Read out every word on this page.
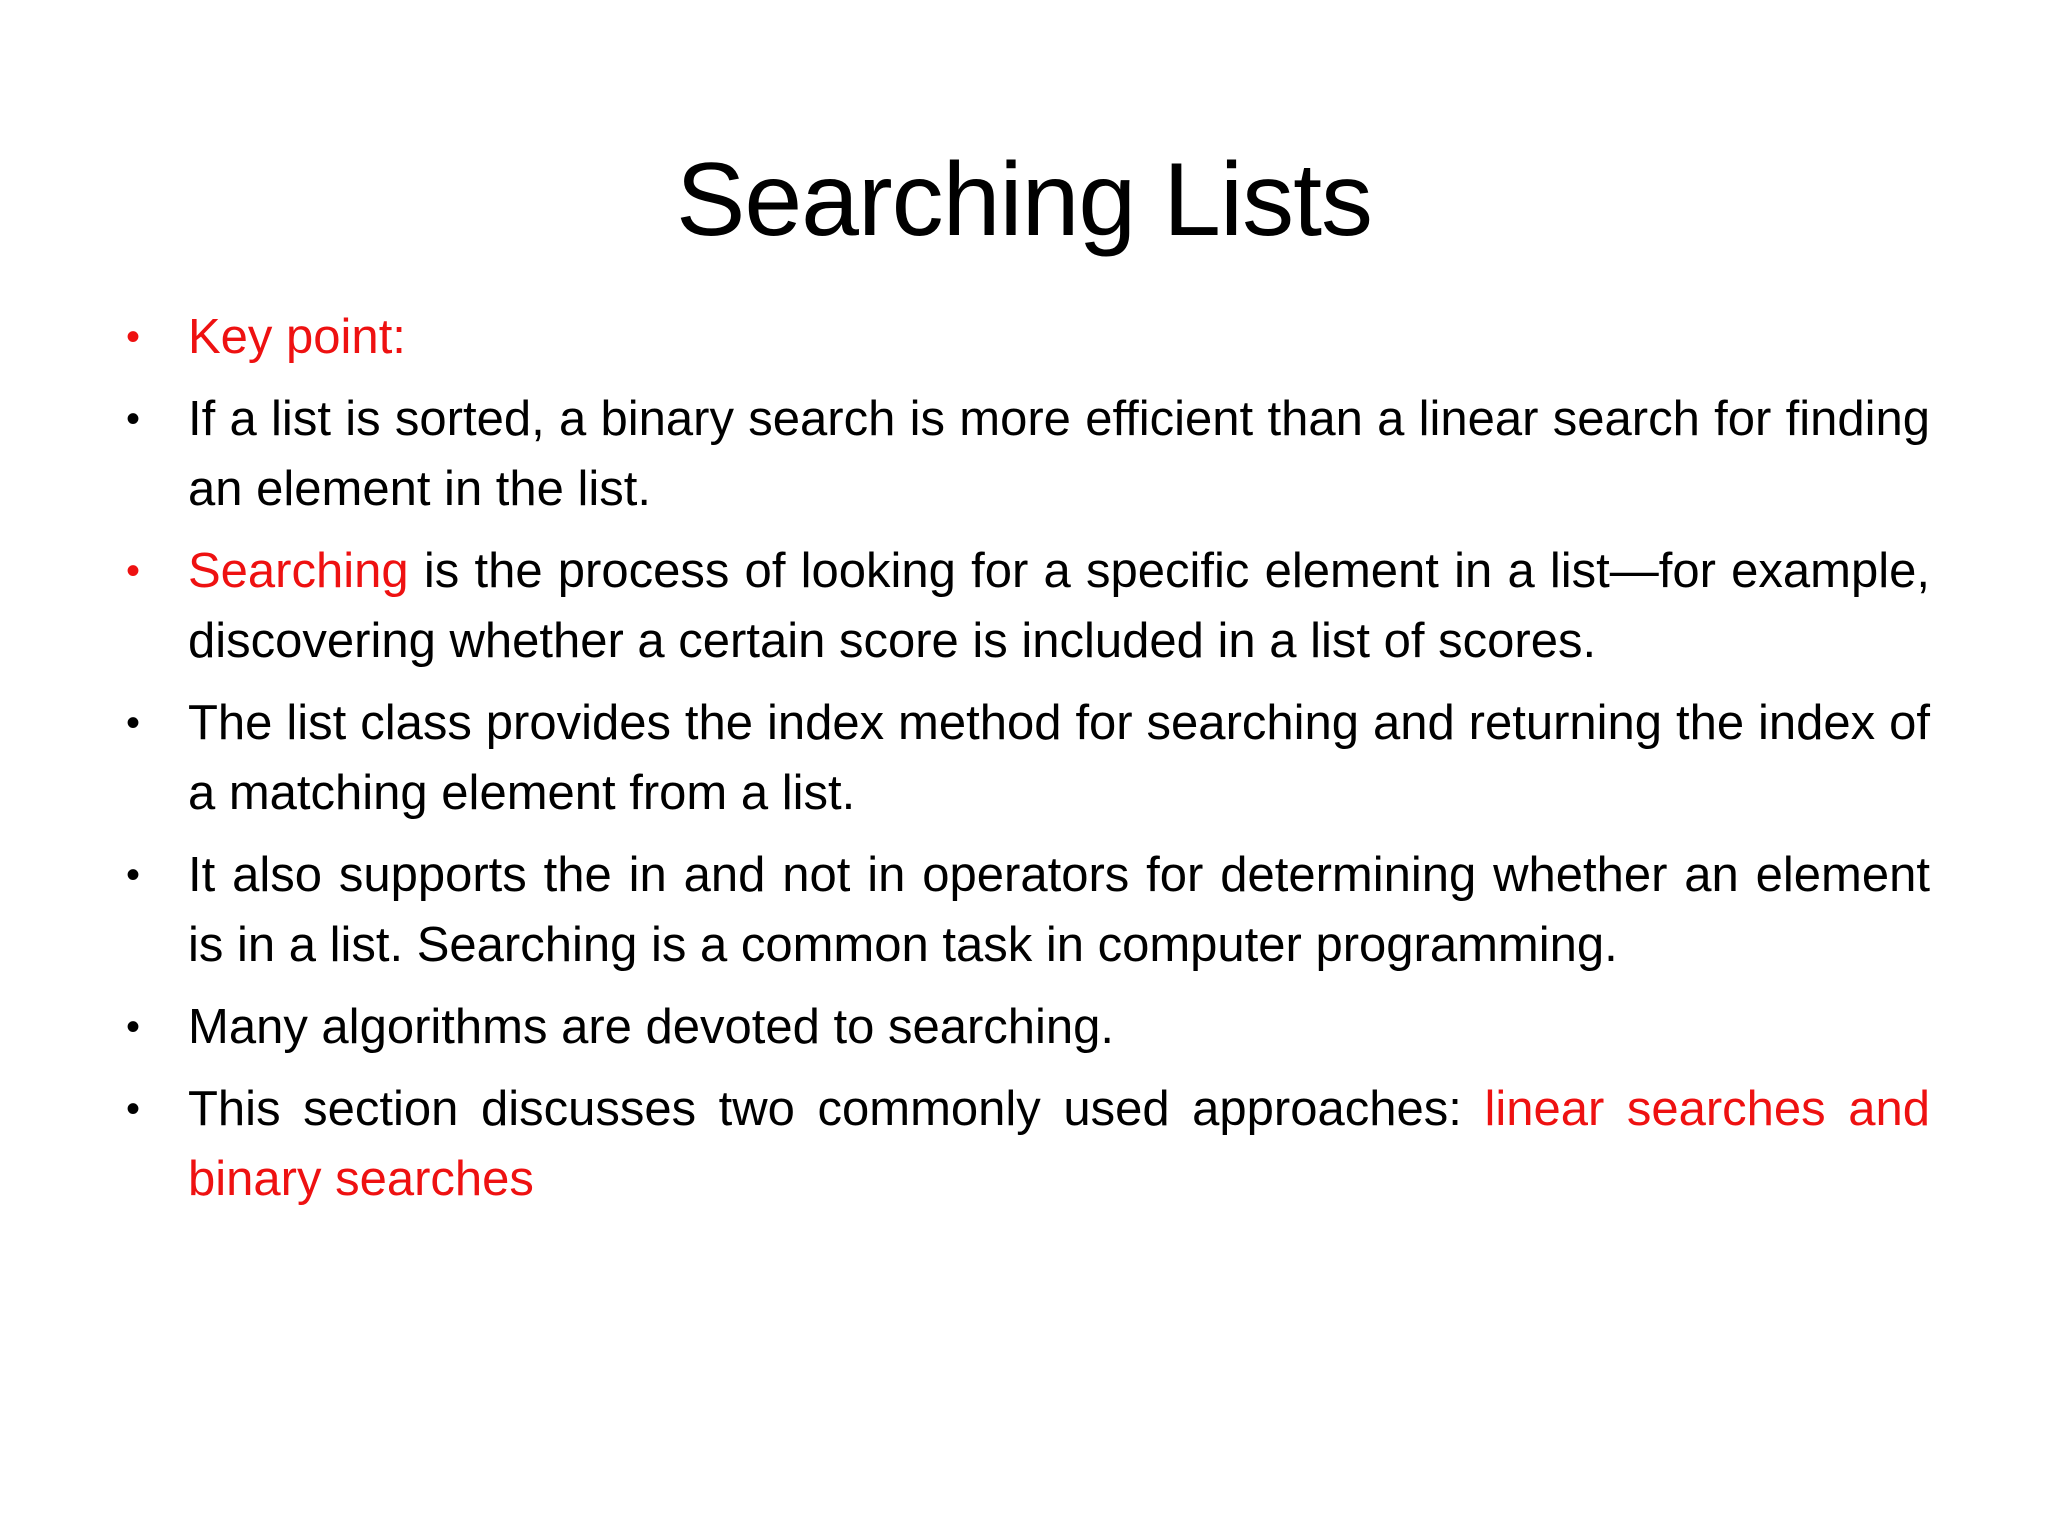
Searching Lists
• Key point:
• If a list is sorted, a binary search is more efficient than a linear search for finding an element in the list.
• Searching is the process of looking for a specific element in a list—for example, discovering whether a certain score is included in a list of scores.
• The list class provides the index method for searching and returning the index of a matching element from a list.
• It also supports the in and not in operators for determining whether an element is in a list. Searching is a common task in computer programming.
• Many algorithms are devoted to searching.
• This section discusses two commonly used approaches: linear searches and binary searches
